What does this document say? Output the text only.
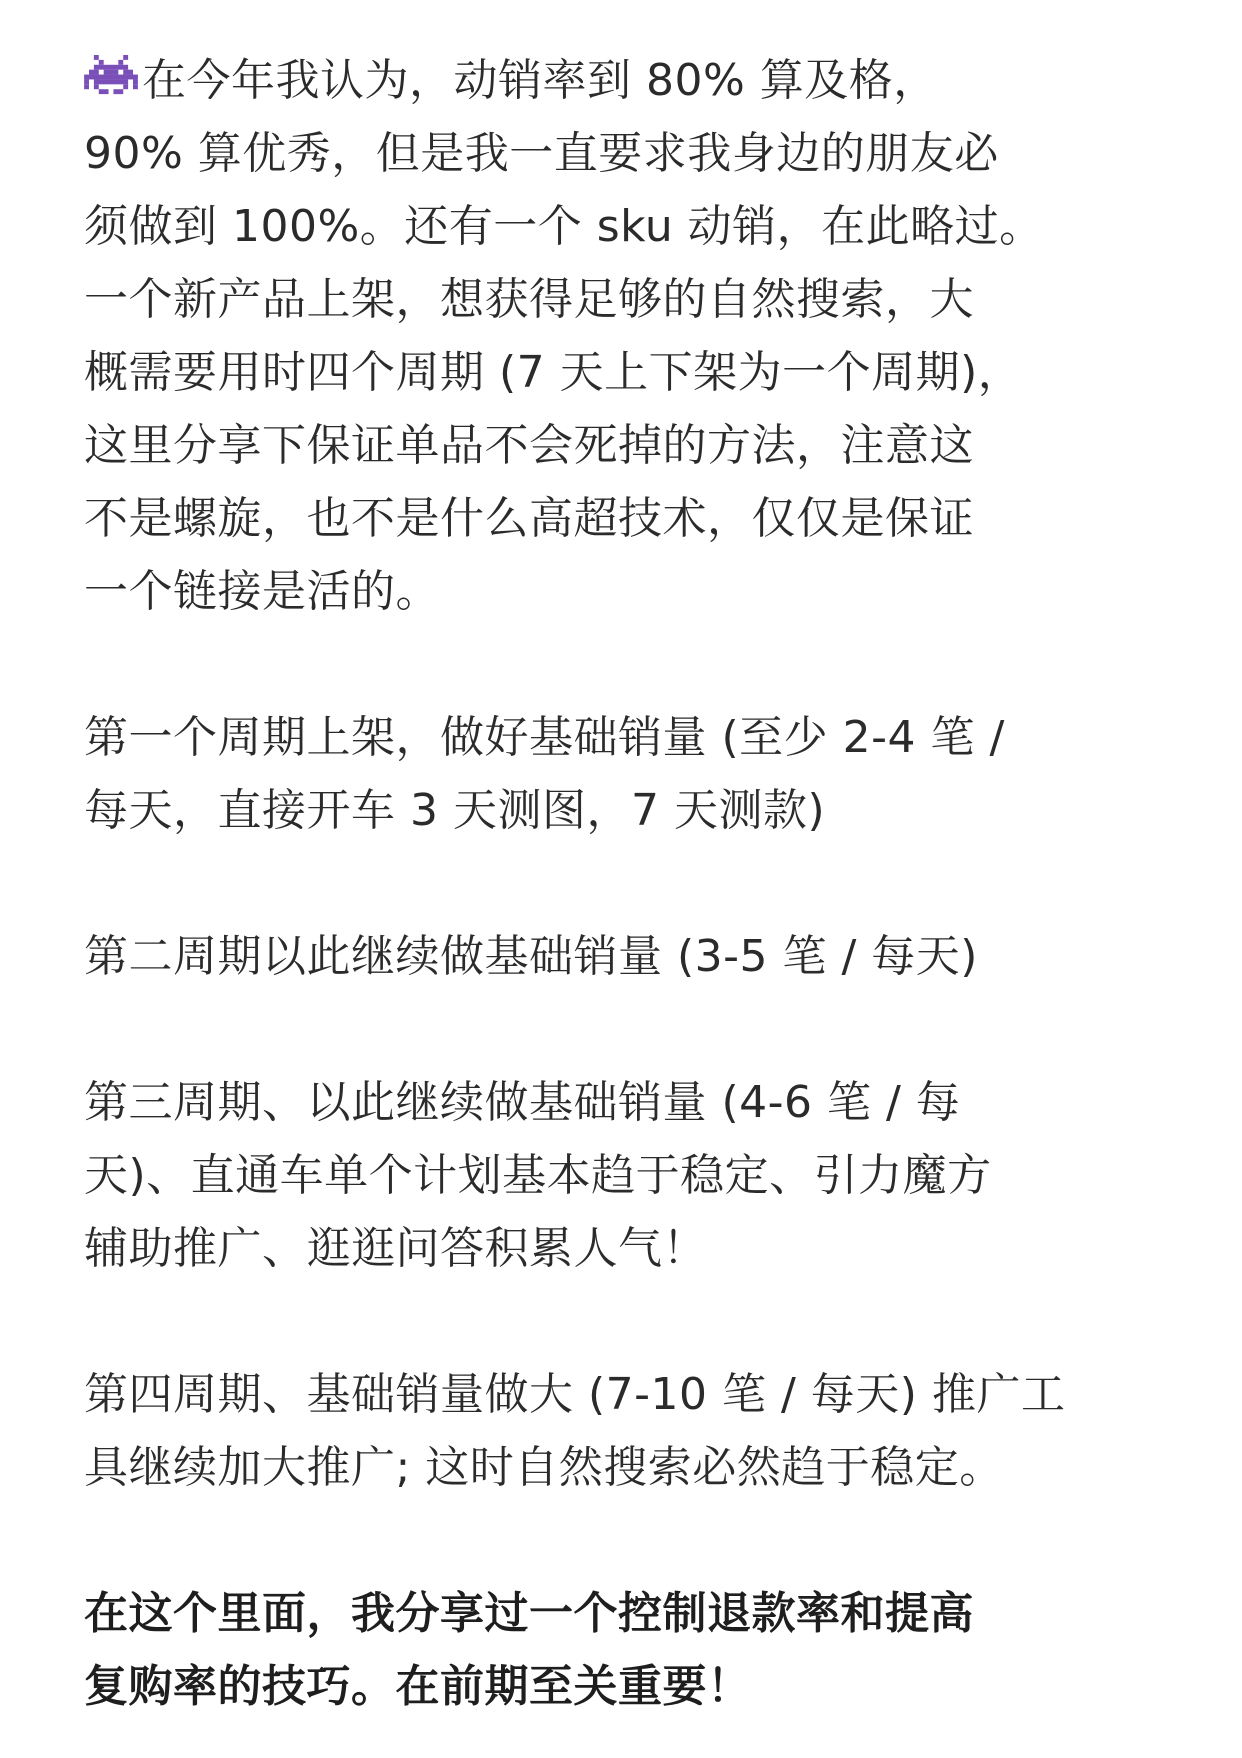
在今年我认为，动销率到 80% 算及格，
90% 算优秀，但是我一直要求我身边的朋友必
须做到 100%。还有一个 sku 动销，在此略过。
一个新产品上架，想获得足够的自然搜索，大
概需要用时四个周期 (7 天上下架为一个周期)，
这里分享下保证单品不会死掉的方法，注意这
不是螺旋，也不是什么高超技术，仅仅是保证
一个链接是活的。
第一个周期上架，做好基础销量 (至少 2-4 笔 /
每天，直接开车 3 天测图，7 天测款)
第二周期以此继续做基础销量 (3-5 笔 / 每天)
第三周期、以此继续做基础销量 (4-6 笔 / 每
天)、直通车单个计划基本趋于稳定、引力魔方
辅助推广、逛逛问答积累人气！
第四周期、基础销量做大 (7-10 笔 / 每天) 推广工
具继续加大推广; 这时自然搜索必然趋于稳定。
在这个里面，我分享过一个控制退款率和提高
复购率的技巧。在前期至关重要！
